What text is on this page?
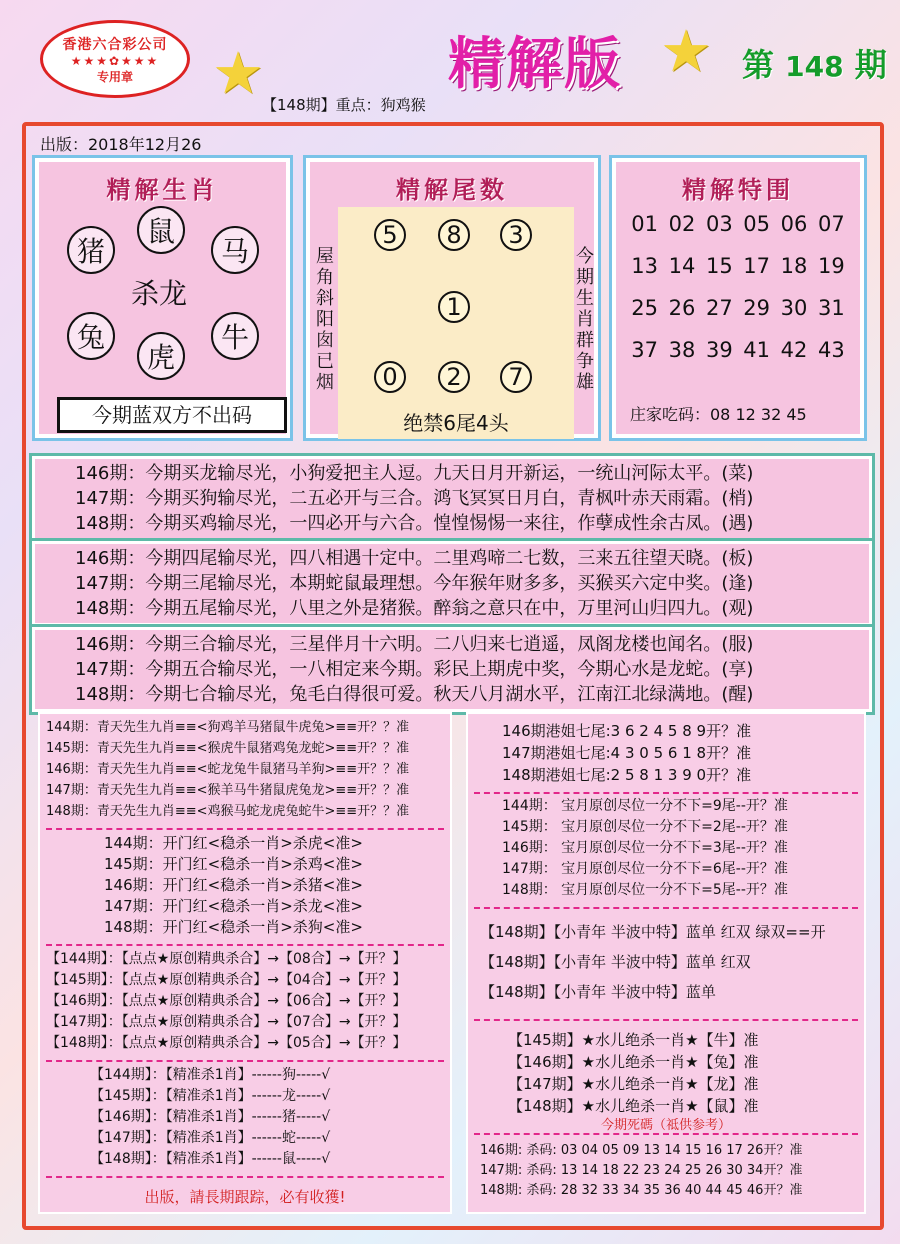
香港六合彩公司
★★★✿★★★
专用章 ★	★
精解版	第 148 期
【148期】重点：狗鸡猴
出版：2018年12月26
精解生肖
猪
鼠
马
兔
虎
牛
杀龙
今期蓝双方不出码
精解尾数
5	8	3
1
0	2	7
绝禁6尾4头
屋角斜阳囱已烟
今期生肖群争雄
精解特围
01 02 03 05 06 07
13 14 15 17 18 19
25 26 27 29 30 31
37 38 39 41 42 43
庄家吃码：08 12 32 45
146期：今期买龙输尽光，小狗爱把主人逗。九天日月开新运，一统山河际太平。(菜)
147期：今期买狗输尽光，二五必开与三合。鸿飞冥冥日月白，青枫叶赤天雨霜。(梢)
148期：今期买鸡输尽光，一四必开与六合。惶惶惕惕一来往，作孽成性余古凤。(遇)
146期：今期四尾输尽光，四八相遇十定中。二里鸡啼二七数，三来五往望天晓。(板)
147期：今期三尾输尽光，本期蛇鼠最理想。今年猴年财多多，买猴买六定中奖。(逢)
148期：今期五尾输尽光，八里之外是猪猴。醉翁之意只在中，万里河山归四九。(观)
146期：今期三合输尽光，三星伴月十六明。二八归来七逍遥，凤阁龙楼也闻名。(服)
147期：今期五合输尽光，一八相定来今期。彩民上期虎中奖，今期心水是龙蛇。(享)
148期：今期七合输尽光，兔毛白得很可爱。秋天八月湖水平，江南江北绿满地。(醒)
144期：青天先生九肖≡≡<狗鸡羊马猪鼠牛虎兔>≡≡开？？准
145期：青天先生九肖≡≡<猴虎牛鼠猪鸡兔龙蛇>≡≡开？？准
146期：青天先生九肖≡≡<蛇龙兔牛鼠猪马羊狗>≡≡开？？准
147期：青天先生九肖≡≡<猴羊马牛猪鼠虎兔龙>≡≡开？？准
148期：青天先生九肖≡≡<鸡猴马蛇龙虎兔蛇牛>≡≡开？？准
144期：开门红<稳杀一肖>杀虎<准>
145期：开门红<稳杀一肖>杀鸡<准>
146期：开门红<稳杀一肖>杀猪<准>
147期：开门红<稳杀一肖>杀龙<准>
148期：开门红<稳杀一肖>杀狗<准>
【144期】：【点点★原创精典杀合】→【08合】→【开？】
【145期】：【点点★原创精典杀合】→【04合】→【开？】
【146期】：【点点★原创精典杀合】→【06合】→【开？】
【147期】：【点点★原创精典杀合】→【07合】→【开？】
【148期】：【点点★原创精典杀合】→【05合】→【开？】
【144期】：【精准杀1肖】------狗-----√
【145期】：【精准杀1肖】------龙-----√
【146期】：【精准杀1肖】------猪-----√
【147期】：【精准杀1肖】------蛇-----√
【148期】：【精准杀1肖】------鼠-----√
出版，請長期跟踪，必有收獲!
146期港姐七尾:3 6 2 4 5 8 9开？准
147期港姐七尾:4 3 0 5 6 1 8开？准
148期港姐七尾:2 5 8 1 3 9 0开？准
144期： 宝月原创尽位一分不下=9尾--开？准
145期： 宝月原创尽位一分不下=2尾--开？准
146期： 宝月原创尽位一分不下=3尾--开？准
147期： 宝月原创尽位一分不下=6尾--开？准
148期： 宝月原创尽位一分不下=5尾--开？准
【148期】【小青年 半波中特】蓝单 红双 绿双==开
【148期】【小青年 半波中特】蓝单 红双
【148期】【小青年 半波中特】蓝单
【145期】★水儿绝杀一肖★【牛】准
【146期】★水儿绝杀一肖★【兔】准
【147期】★水儿绝杀一肖★【龙】准
【148期】★水儿绝杀一肖★【鼠】准
今期死碼（祗供参考）
146期: 杀码: 03 04 05 09 13 14 15 16 17 26开？准
147期: 杀码: 13 14 18 22 23 24 25 26 30 34开？准
148期: 杀码: 28 32 33 34 35 36 40 44 45 46开？准
